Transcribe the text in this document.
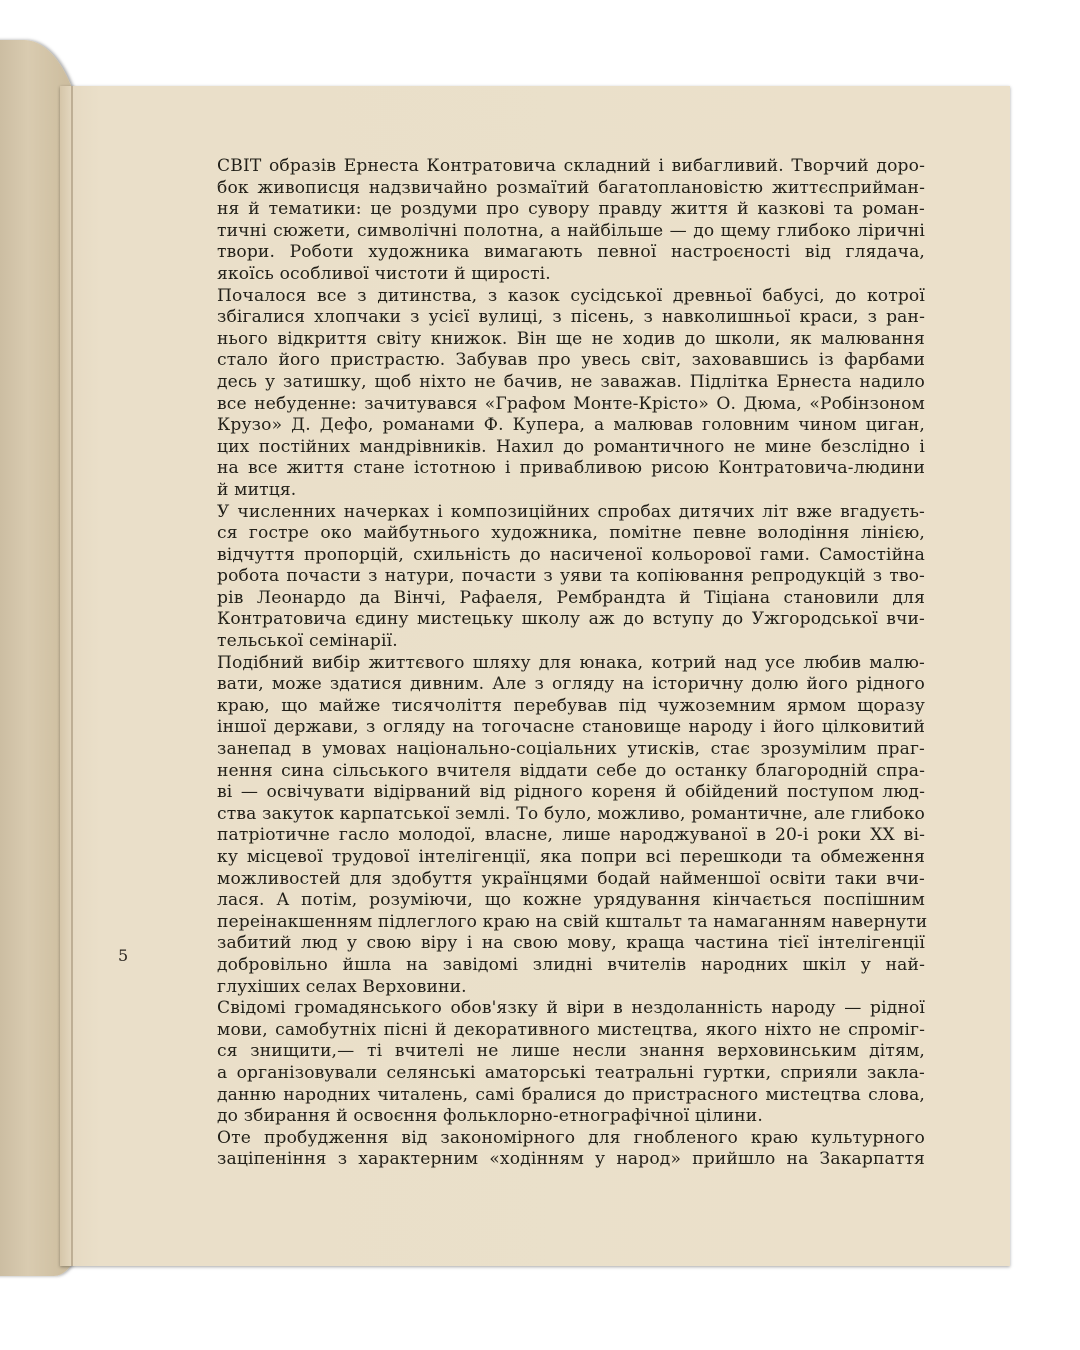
5
СВІТ образів Ернеста Контратовича складний і вибагливий. Творчий доро-
бок живописця надзвичайно розмаїтий багатоплановістю життєсприйман-
ня й тематики: це роздуми про сувору правду життя й казкові та роман-
тичні сюжети, символічні полотна, а найбільше — до щему глибоко ліричні
твори. Роботи художника вимагають певної настроєності від глядача,
якоїсь особливої чистоти й щирості.
Почалося все з дитинства, з казок сусідської древньої бабусі, до котрої
збігалися хлопчаки з усієї вулиці, з пісень, з навколишньої краси, з ран-
нього відкриття світу книжок. Він ще не ходив до школи, як малювання
стало його пристрастю. Забував про увесь світ, заховавшись із фарбами
десь у затишку, щоб ніхто не бачив, не заважав. Підлітка Ернеста надило
все небуденне: зачитувався «Графом Монте-Крісто» О. Дюма, «Робінзоном
Крузо» Д. Дефо, романами Ф. Купера, а малював головним чином циган,
цих постійних мандрівників. Нахил до романтичного не мине безслідно і
на все життя стане істотною і привабливою рисою Контратовича-людини
й митця.
У численних начерках і композиційних спробах дитячих літ вже вгадуєть-
ся гостре око майбутнього художника, помітне певне володіння лінією,
відчуття пропорцій, схильність до насиченої кольорової гами. Самостійна
робота почасти з натури, почасти з уяви та копіювання репродукцій з тво-
рів Леонардо да Вінчі, Рафаеля, Рембрандта й Тіціана становили для
Контратовича єдину мистецьку школу аж до вступу до Ужгородської вчи-
тельської семінарії.
Подібний вибір життєвого шляху для юнака, котрий над усе любив малю-
вати, може здатися дивним. Але з огляду на історичну долю його рідного
краю, що майже тисячоліття перебував під чужоземним ярмом щоразу
іншої держави, з огляду на тогочасне становище народу і його цілковитий
занепад в умовах національно-соціальних утисків, стає зрозумілим праг-
нення сина сільського вчителя віддати себе до останку благородній спра-
ві — освічувати відірваний від рідного кореня й обійдений поступом люд-
ства закуток карпатської землі. То було, можливо, романтичне, але глибоко
патріотичне гасло молодої, власне, лише народжуваної в 20-і роки XX ві-
ку місцевої трудової інтелігенції, яка попри всі перешкоди та обмеження
можливостей для здобуття українцями бодай найменшої освіти таки вчи-
лася. А потім, розуміючи, що кожне урядування кінчається поспішним
переінакшенням підлеглого краю на свій кштальт та намаганням навернути
забитий люд у свою віру і на свою мову, краща частина тієї інтелігенції
добровільно йшла на завідомі злидні вчителів народних шкіл у най-
глухіших селах Верховини.
Свідомі громадянського обов'язку й віри в нездоланність народу — рідної
мови, самобутніх пісні й декоративного мистецтва, якого ніхто не спроміг-
ся знищити,— ті вчителі не лише несли знання верховинським дітям,
а організовували селянські аматорські театральні гуртки, сприяли закла-
данню народних читалень, самі бралися до пристрасного мистецтва слова,
до збирання й освоєння фольклорно-етнографічної цілини.
Оте пробудження від закономірного для гнобленого краю культурного
заціпеніння з характерним «ходінням у народ» прийшло на Закарпаття
